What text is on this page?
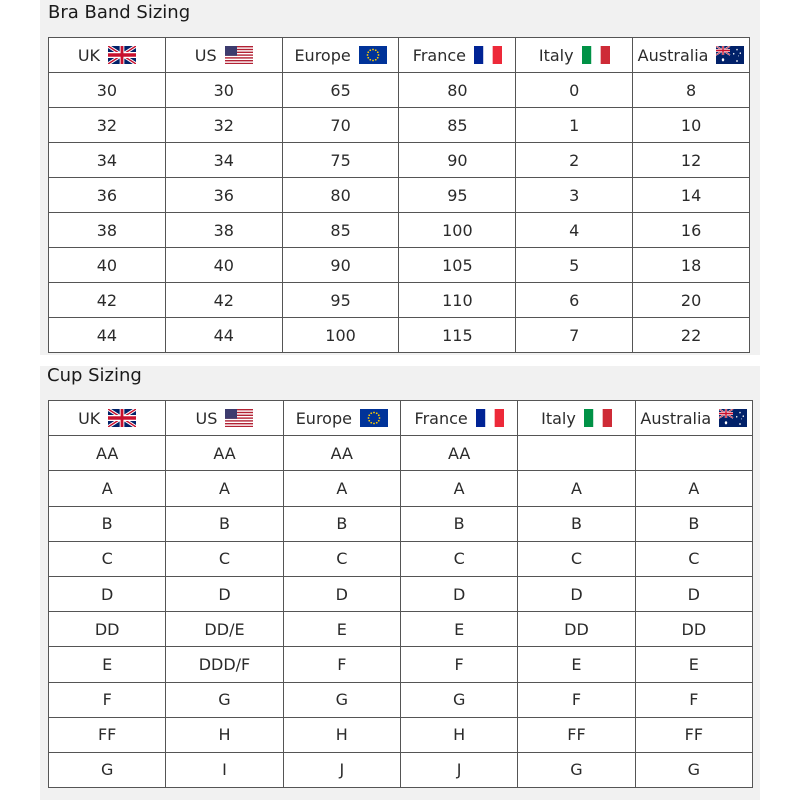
Bra Band Sizing
UK	US	Europe	France	Italy	Australia

30	30	65	80	0	8
32	32	70	85	1	10
34	34	75	90	2	12
36	36	80	95	3	14
38	38	85	100	4	16
40	40	90	105	5	18
42	42	95	110	6	20
44	44	100	115	7	22
Cup Sizing
UK	US	Europe	France	Italy	Australia

AA	AA	AA	AA		
A	A	A	A	A	A
B	B	B	B	B	B
C	C	C	C	C	C
D	D	D	D	D	D
DD	DD/E	E	E	DD	DD
E	DDD/F	F	F	E	E
F	G	G	G	F	F
FF	H	H	H	FF	FF
G	I	J	J	G	G
